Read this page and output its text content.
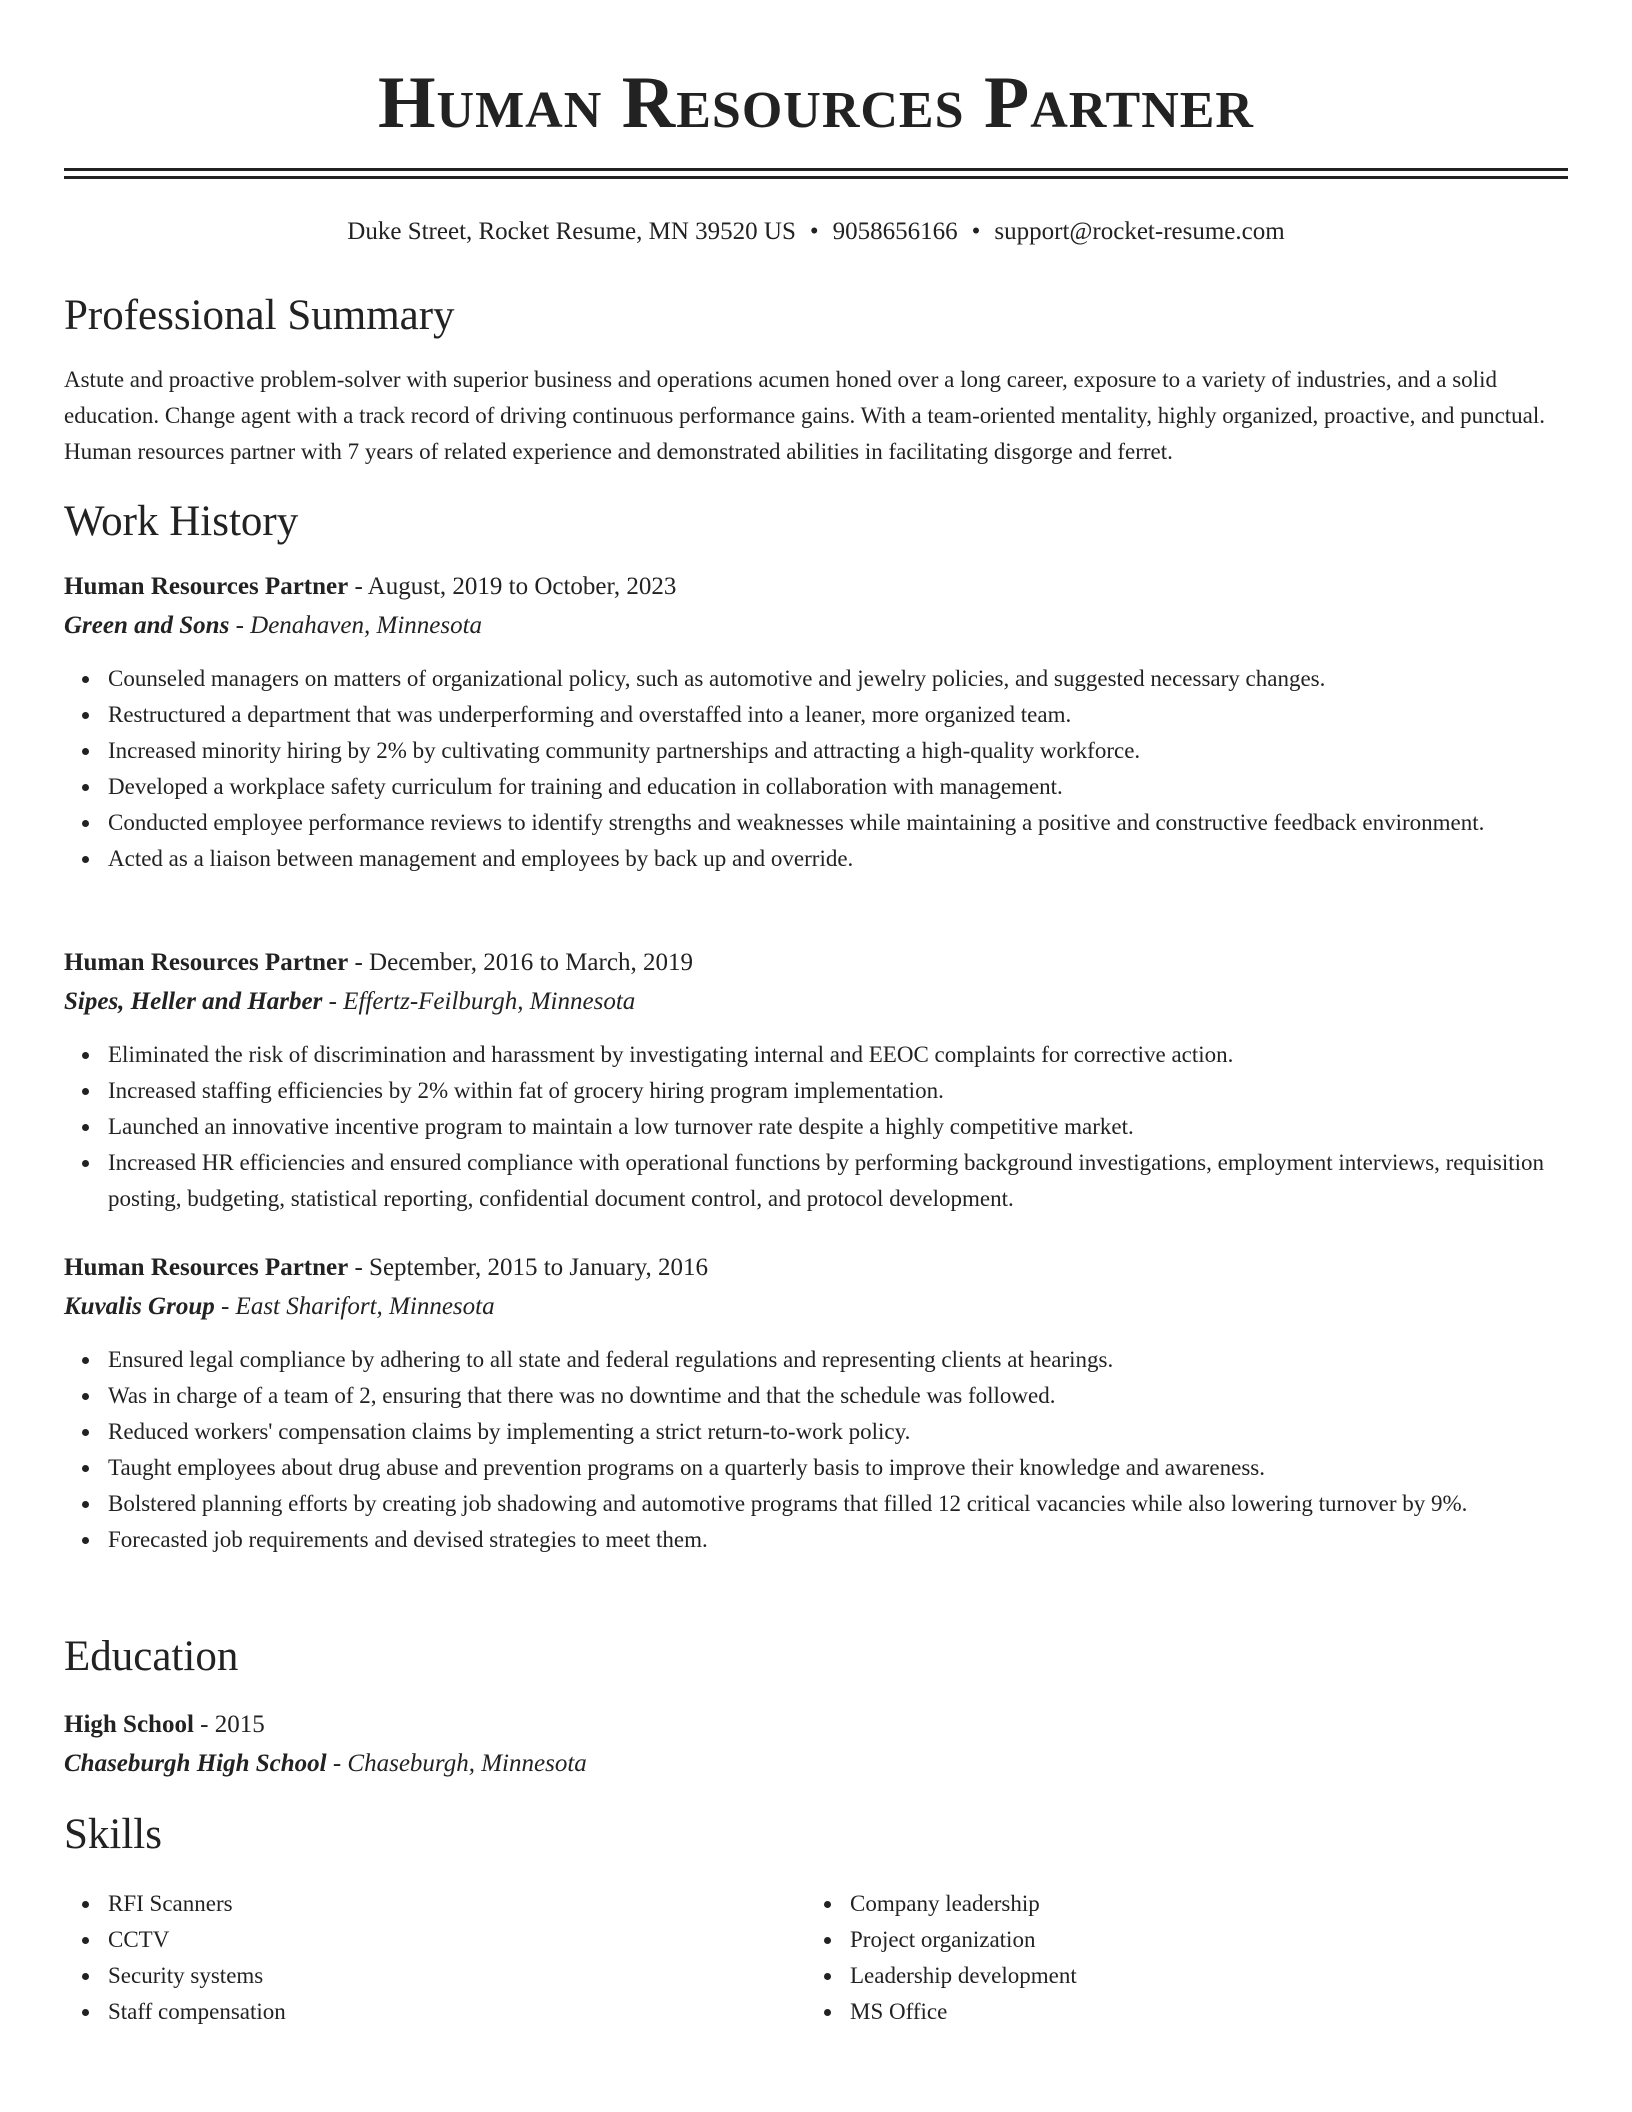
Human Resources Partner
Duke Street, Rocket Resume, MN 39520 US • 9058656166 • support@rocket-resume.com
Professional Summary
Astute and proactive problem-solver with superior business and operations acumen honed over a long career, exposure to a variety of industries, and a solid education. Change agent with a track record of driving continuous performance gains. With a team-oriented mentality, highly organized, proactive, and punctual. Human resources partner with 7 years of related experience and demonstrated abilities in facilitating disgorge and ferret.
Work History
Human Resources Partner - August, 2019 to October, 2023
Green and Sons - Denahaven, Minnesota
Counseled managers on matters of organizational policy, such as automotive and jewelry policies, and suggested necessary changes.
Restructured a department that was underperforming and overstaffed into a leaner, more organized team.
Increased minority hiring by 2% by cultivating community partnerships and attracting a high-quality workforce.
Developed a workplace safety curriculum for training and education in collaboration with management.
Conducted employee performance reviews to identify strengths and weaknesses while maintaining a positive and constructive feedback environment.
Acted as a liaison between management and employees by back up and override.
Human Resources Partner - December, 2016 to March, 2019
Sipes, Heller and Harber - Effertz-Feilburgh, Minnesota
Eliminated the risk of discrimination and harassment by investigating internal and EEOC complaints for corrective action.
Increased staffing efficiencies by 2% within fat of grocery hiring program implementation.
Launched an innovative incentive program to maintain a low turnover rate despite a highly competitive market.
Increased HR efficiencies and ensured compliance with operational functions by performing background investigations, employment interviews, requisition posting, budgeting, statistical reporting, confidential document control, and protocol development.
Human Resources Partner - September, 2015 to January, 2016
Kuvalis Group - East Sharifort, Minnesota
Ensured legal compliance by adhering to all state and federal regulations and representing clients at hearings.
Was in charge of a team of 2, ensuring that there was no downtime and that the schedule was followed.
Reduced workers' compensation claims by implementing a strict return-to-work policy.
Taught employees about drug abuse and prevention programs on a quarterly basis to improve their knowledge and awareness.
Bolstered planning efforts by creating job shadowing and automotive programs that filled 12 critical vacancies while also lowering turnover by 9%.
Forecasted job requirements and devised strategies to meet them.
Education
High School - 2015
Chaseburgh High School - Chaseburgh, Minnesota
Skills
RFI Scanners
CCTV
Security systems
Staff compensation
Company leadership
Project organization
Leadership development
MS Office
